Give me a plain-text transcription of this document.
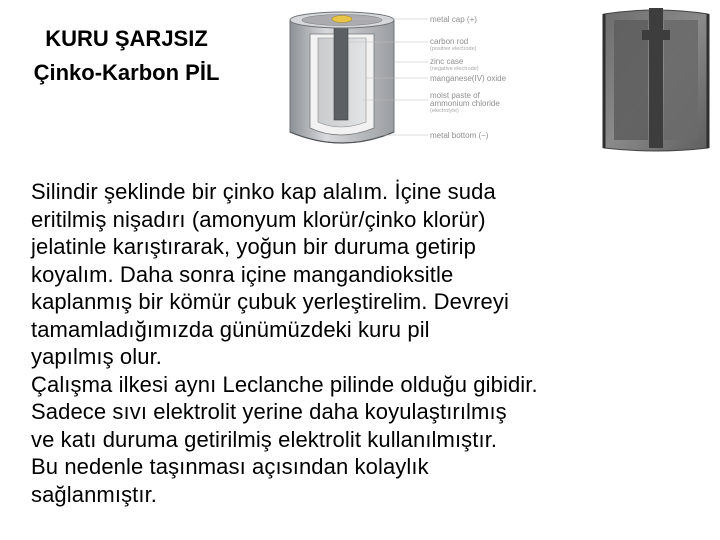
KURU ŞARJSIZ
Çinko-Karbon PİL
metal cap (+)
carbon rod
(positive electrode)
zinc case
(negative electrode)
manganese(IV) oxide
moist paste of
ammonium chloride
(electrolyte)
metal bottom (−)

Silindir şeklinde bir çinko kap alalım. İçine suda
eritilmiş nişadırı (amonyum klorür/çinko klorür)
jelatinle karıştırarak, yoğun bir duruma getirip
koyalım. Daha sonra içine mangandioksitle
kaplanmış bir kömür çubuk yerleştirelim. Devreyi
tamamladığımızda günümüzdeki kuru pil
yapılmış olur.

Çalışma ilkesi aynı Leclanche pilinde olduğu gibidir.
Sadece sıvı elektrolit yerine daha koyulaştırılmış
ve katı duruma getirilmiş elektrolit kullanılmıştır.
Bu nedenle taşınması açısından kolaylık
sağlanmıştır.
